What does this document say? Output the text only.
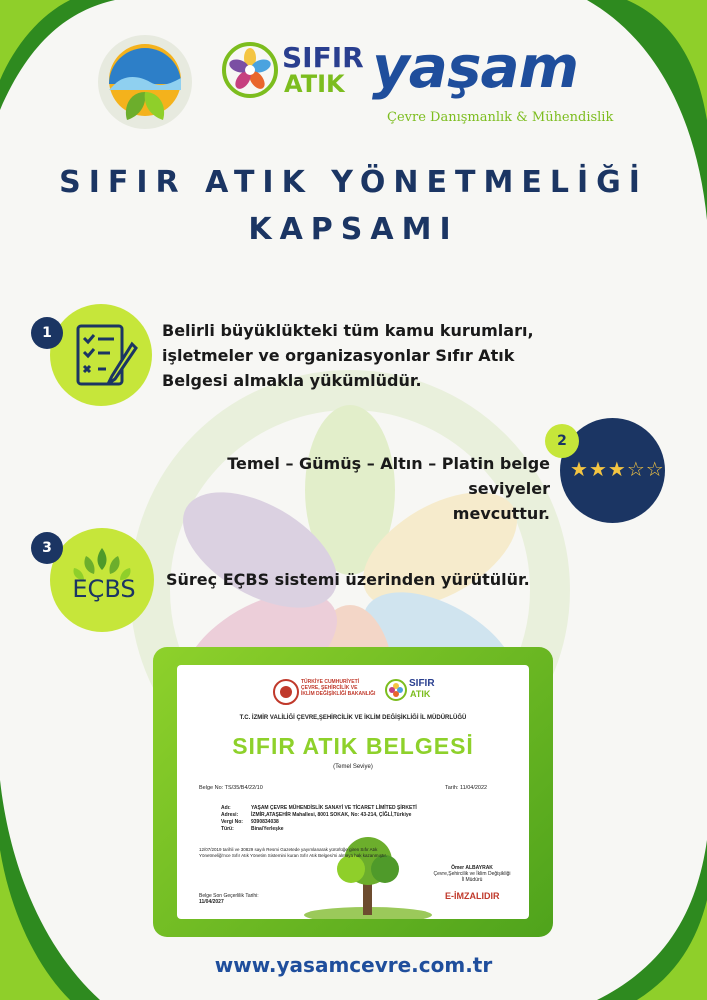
SIFIR
ATIK yaşam
Çevre Danışmanlık & Mühendislik
SIFIR ATIK YÖNETMELİĞİ
KAPSAMI
1	Belirli büyüklükteki tüm kamu kurumları,
işletmeler ve organizasyonlar Sıfır Atık
Belgesi almakla yükümlüdür.
★ ★ ★ ☆ ☆
2
Temel – Gümüş – Altın – Platin belge seviyeler
mevcuttur.
EÇBS
3
Süreç EÇBS sistemi üzerinden yürütülür.
TÜRKİYE CUMHURİYETİ
ÇEVRE, ŞEHİRCİLİK VE
İKLİM DEĞİŞİKLİĞİ BAKANLIĞI
SIFIR
ATIK
T.C. İZMİR VALİLİĞİ ÇEVRE,ŞEHİRCİLİK VE İKLİM DEĞİŞİKLİĞİ İL MÜDÜRLÜĞÜ
SIFIR ATIK BELGESİ
(Temel Seviye)
Belge No: TS/35/B4/22/10	Tarih: 11/04/2022
Adı:	YAŞAM ÇEVRE MÜHENDİSLİK SANAYİ VE TİCARET LİMİTED ŞİRKETİ
Adresi:	İZMİR,ATAŞEHİR Mahallesi, 8001 SOKAK, No: 43-214, ÇİĞLİ,Türkiye
Vergi No: 9390834038
Türü:	Bina/Yerleşke
12/07/2019 tarihli ve 30829 sayılı Resmi Gazetede yayımlanarak yürürlüğe giren Sıfır Atık
Yönetmeliği'nce Sıfır Atık Yönetim Sistemini kuran Sıfır Atık Belgesi'ni almaya hak kazanmıştır.
Ömer ALBAYRAK
Çevre,Şehircilik ve İklim Değişikliği
İl Müdürü
E-İMZALIDIR
Belge Son Geçerlilik Tarihi:
11/04/2027
www.yasamcevre.com.tr
